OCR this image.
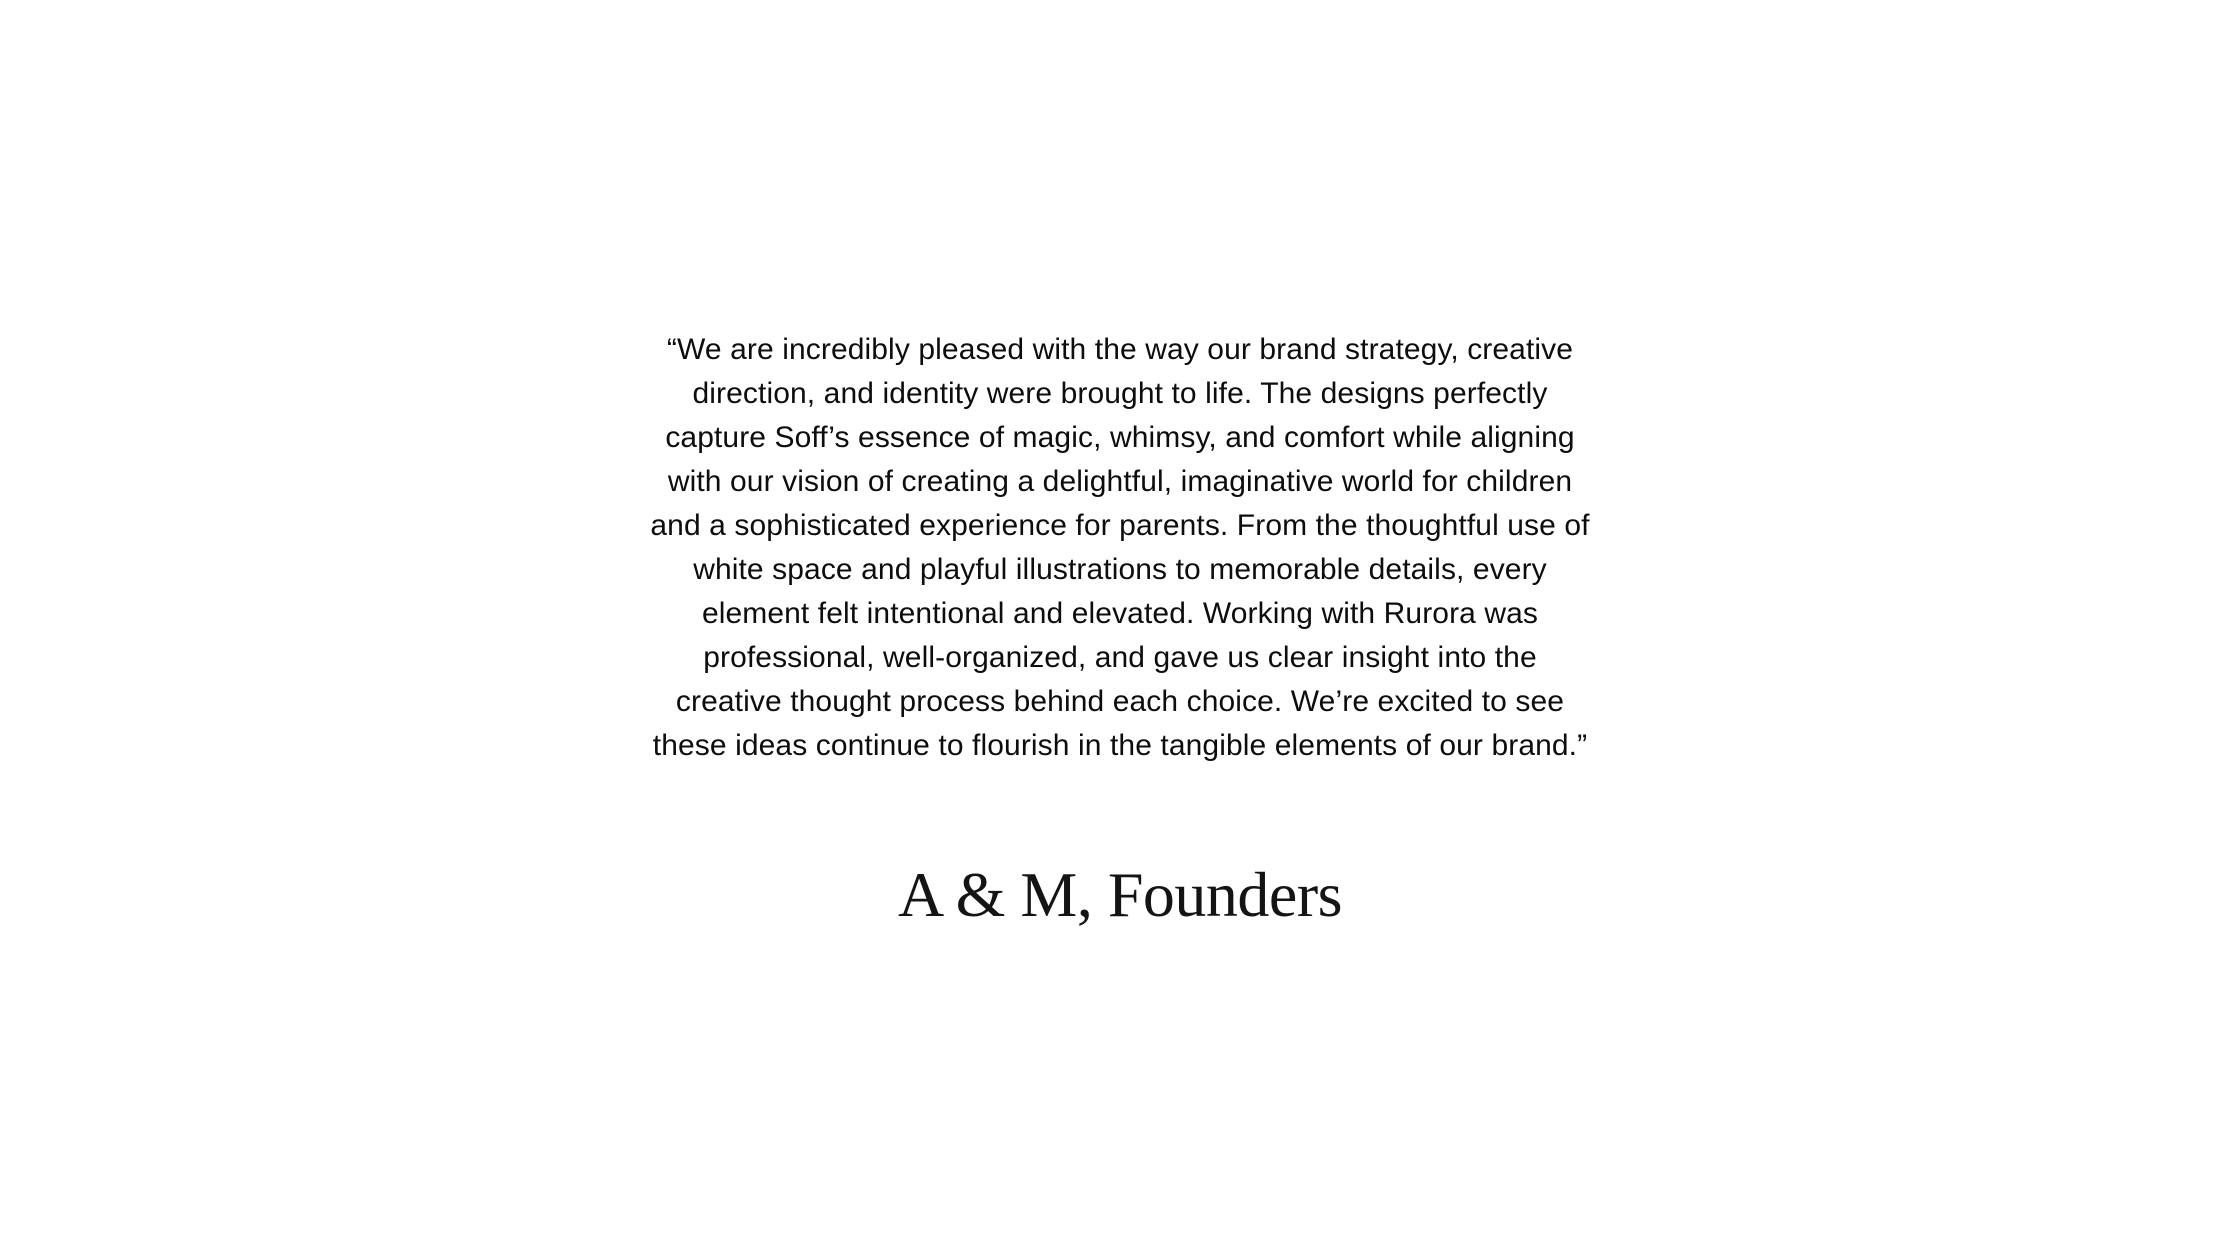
“We are incredibly pleased with the way our brand strategy, creative
direction, and identity were brought to life. The designs perfectly
capture Soff’s essence of magic, whimsy, and comfort while aligning
with our vision of creating a delightful, imaginative world for children
and a sophisticated experience for parents. From the thoughtful use of
white space and playful illustrations to memorable details, every
element felt intentional and elevated. Working with Rurora was
professional, well-organized, and gave us clear insight into the
creative thought process behind each choice. We’re excited to see
these ideas continue to flourish in the tangible elements of our brand.”
A & M, Founders
